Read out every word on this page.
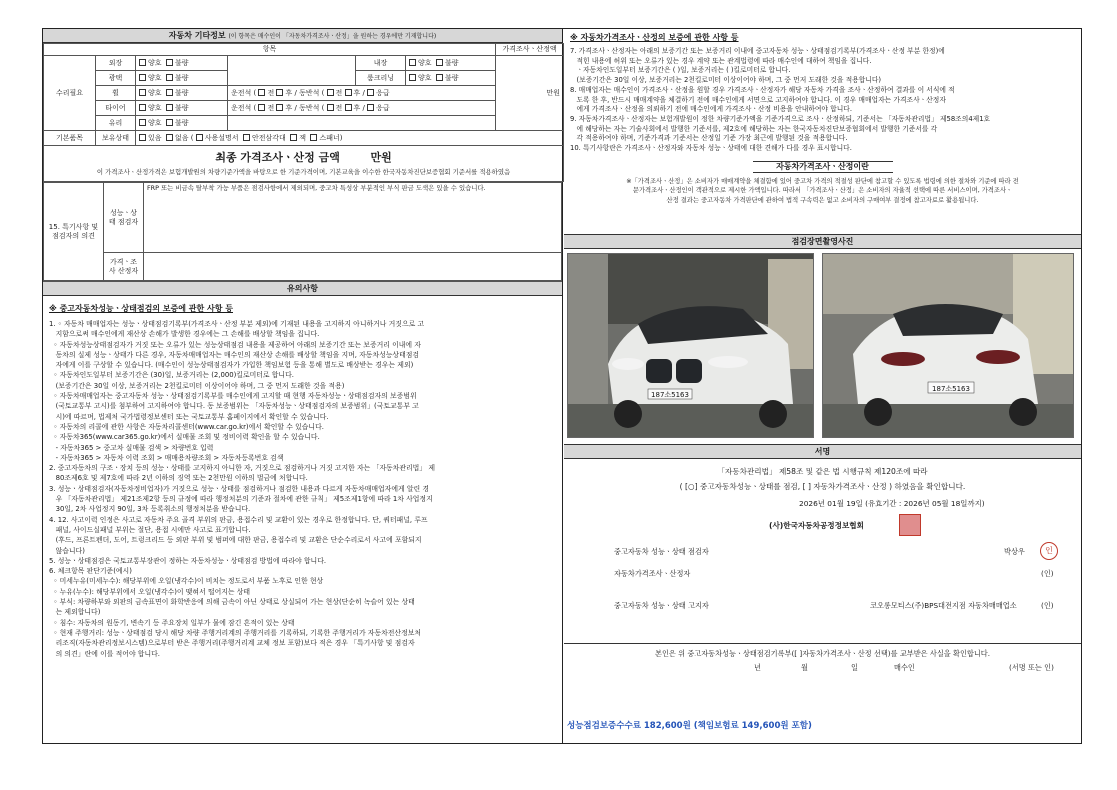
자동차 기타정보 (이 항목은 매수인이 「자동차가격조사ㆍ산정」을 원하는 경우에만 기재합니다)
항목						가격조사ㆍ산정액
수리필요	외장	양호 불량		내장	양호 불량	만원
	광택	양호 불량		룸크리닝	양호 불량	
	휠	양호 불량	운전석 ( 전 후 / 동반석 ( 전 후 / 응급			
	타이어	양호 불량	운전석 ( 전 후 / 동반석 ( 전 후 / 응급			
	유리	양호 불량				
기본품목	보유상태	있음 없음 ( 사용설명서 안전삼각대 잭 스패너)				

최종 가격조사ㆍ산정 금액 만원
이 가격조사ㆍ산정가격은 보험개발원의 차량기준가액을 바탕으로 한 기준가격이며, 기본교육을 이수한 한국자동차진단보증협회 기준서를 적용하였음						
15. 특기사항 및 점검자의 의견	성능ㆍ상태 점검자	FRP 또는 비금속 탈부착 가능 부품은 점검사항에서 제외되며, 중고차 특성상 부분적인 부식 판금 도색은 있을 수 있습니다.
	가격ㆍ조사 산정자	
유의사항
※ 중고자동차성능ㆍ상태점검의 보증에 관한 사항 등
1. ◦ 자동차 매매업자는 성능ㆍ상태점검기록부(가격조사ㆍ산정 부분 제외)에 기재된 내용을 고지하지 아니하거나 거짓으로 고
지함으로써 매수인에게 재산상 손해가 발생한 경우에는 그 손해를 배상할 책임을 집니다.
◦ 자동차성능상태점검자가 거짓 또는 오류가 있는 성능상태점검 내용을 제공하여 아래의 보증기간 또는 보증거리 이내에 자
동차의 실제 성능ㆍ상태가 다른 경우, 자동차매매업자는 매수인의 재산상 손해를 배상할 책임을 지며, 자동차성능상태점검
자에게 이를 구상할 수 있습니다. (매수인이 성능상태점검자가 가입한 책임보험 등을 통해 별도로 배상받는 경우는 제외)
◦ 자동차인도일부터 보증기간은 (30)일, 보증거리는 (2,000)킬로미터로 합니다.
(보증기간은 30일 이상, 보증거리는 2천킬로미터 이상이어야 하며, 그 중 먼저 도래한 것을 적용)
◦ 자동차매매업자는 중고자동차 성능ㆍ상태점검기록부를 매수인에게 고지할 때 현행 자동차성능ㆍ상태점검자의 보증범위
(국토교통부 고시)를 첨부하여 고지하여야 합니다. 동 보증범위는 「자동차성능ㆍ상태점검자의 보증범위」(국토교통부 고
시)에 따르며, 법제처 국가법령정보센터 또는 국토교통부 홈페이지에서 확인할 수 있습니다.
◦ 자동차의 리콜에 관한 사항은 자동차리콜센터(www.car.go.kr)에서 확인할 수 있습니다.
◦ 자동차365(www.car365.go.kr)에서 실매물 조회 및 정비이력 확인을 할 수 있습니다.
- 자동차365 > 중고차 실매물 검색 > 차량번호 입력
- 자동차365 > 자동차 이력 조회 > 매매용차량조회 > 자동차등록번호 검색
2. 중고자동차의 구조ㆍ장치 등의 성능ㆍ상태를 고지하지 아니한 자, 거짓으로 점검하거나 거짓 고지한 자는 「자동차관리법」 제
80조제6호 및 제7호에 따라 2년 이하의 징역 또는 2천만원 이하의 벌금에 처합니다.
3. 성능ㆍ상태점검자(자동차정비업자)가 거짓으로 성능ㆍ상태를 점검하거나 점검한 내용과 다르게 자동차매매업자에게 알린 경
우 「자동차관리법」 제21조제2항 등의 규정에 따라 행정처분의 기준과 절차에 관한 규칙」 제5조제1항에 따라 1차 사업정지
30일, 2차 사업정지 90일, 3차 등록취소의 행정처분을 받습니다.
4. 12. 사고이력 인정은 사고로 자동차 주요 골격 부위의 판금, 용접수리 및 교환이 있는 경우로 한정합니다. 단, 쿼터패널, 루프
패널, 사이드실패널 부위는 절단, 용접 시에만 사고로 표기합니다.
(후드, 프론트펜더, 도어, 트렁크리드 등 외판 부위 및 범퍼에 대한 판금, 용접수리 및 교환은 단순수리로서 사고에 포함되지
않습니다)
5. 성능ㆍ상태점검은 국토교통부장관이 정하는 자동차성능ㆍ상태점검 방법에 따라야 합니다.
6. 체크항목 판단기준(예시)
◦ 미세누유(미세누수): 해당부위에 오일(냉각수)이 비치는 정도로서 부품 노후로 인한 현상
◦ 누유(누수): 해당부위에서 오일(냉각수)이 맺혀서 떨어지는 상태
◦ 부식: 차량하부와 외판의 금속표면이 화학반응에 의해 금속이 아닌 상태로 상실되어 가는 현상(단순히 녹슬어 있는 상태
는 제외합니다)
◦ 침수: 자동차의 원동기, 변속기 등 주요장치 일부가 물에 잠긴 흔적이 있는 상태
◦ 현재 주행거리: 성능ㆍ상태점검 당시 해당 차량 주행거리계의 주행거리를 기록하되, 기록한 주행거리가 자동차전산정보처
리조직(자동차관리정보시스템)으로부터 받은 주행거리(주행거리계 교체 정보 포함)보다 적은 경우 「특기사항 및 점검자
의 의견」란에 이를 적어야 합니다.
※ 자동차가격조사ㆍ산정의 보증에 관한 사항 등
7. 가격조사ㆍ산정자는 아래의 보증기간 또는 보증거리 이내에 중고자동차 성능ㆍ상태점검기록부(가격조사ㆍ산정 부분 한정)에
적힌 내용에 허위 또는 오류가 있는 경우 계약 또는 관계법령에 따라 매수인에 대하여 책임을 집니다.
ㆍ자동차인도일부터 보증기간은 ( )일, 보증거리는 ( )킬로미터로 합니다.
(보증기간은 30일 이상, 보증거리는 2천킬로미터 이상이어야 하며, 그 중 먼저 도래한 것을 적용합니다)
8. 매매업자는 매수인이 가격조사ㆍ산정을 원할 경우 가격조사ㆍ산정자가 해당 자동차 가격을 조사ㆍ산정하여 결과를 이 서식에 적
도록 한 후, 반드시 매매계약을 체결하기 전에 매수인에게 서면으로 고지하여야 합니다. 이 경우 매매업자는 가격조사ㆍ산정자
에게 가격조사ㆍ산정을 의뢰하기 전에 매수인에게 가격조사ㆍ산정 비용을 안내하여야 합니다.
9. 자동차가격조사ㆍ산정자는 보험개발원이 정한 차량기준가액을 기준가격으로 조사ㆍ산정하되, 기준서는 「자동차관리법」 제58조의4제1호
에 해당하는 자는 기술사회에서 발행한 기준서를, 제2호에 해당하는 자는 한국자동차진단보증협회에서 발행한 기준서를 각
각 적용하여야 하며, 기준가격과 기준서는 산정일 기준 가장 최근에 발행된 것을 적용합니다.
10. 특기사항란은 가격조사ㆍ산정자와 자동차 성능ㆍ상태에 대한 견해가 다를 경우 표시합니다.
자동차가격조사ㆍ산정이란
※「가격조사ㆍ산정」은 소비자가 매매계약을 체결함에 있어 중고차 가격의 적절성 판단에 참고할 수 있도록 법령에 의한 절차와 기준에 따라 전
문가격조사ㆍ산정인이 객관적으로 제시한 가액입니다. 따라서 「가격조사ㆍ산정」은 소비자의 자율적 선택에 따른 서비스이며, 가격조사ㆍ
산정 결과는 중고자동차 가격판단에 관하여 법적 구속력은 없고 소비자의 구매여부 결정에 참고자료로 활용됩니다.
점검장면촬영사진
187소5163
187소5163
서명
「자동차관리법」 제58조 및 같은 법 시행규칙 제120조에 따라
( [○] 중고자동차성능ㆍ상태를 점검, [ ] 자동차가격조사ㆍ산정 ) 하였음을 확인합니다.
2026년 01월 19일 (유효기간 : 2026년 05월 18일까지)
(사)한국자동차공정정보협회
중고자동차 성능ㆍ상태 점검자	박상우	인
자동차가격조사ㆍ산정자	(인)
중고자동차 성능ㆍ상태 고지자	코오롱모티스(주)BPS대전지점 자동차매매업소	(인)
본인은 위 중고자동차성능ㆍ상태점검기록부([ ]자동차가격조사ㆍ산정 선택)를 교부받은 사실을 확인합니다.
년	월	일	매수인	(서명 또는 인)
성능점검보증수수료 182,600원 (책임보험료 149,600원 포함)
